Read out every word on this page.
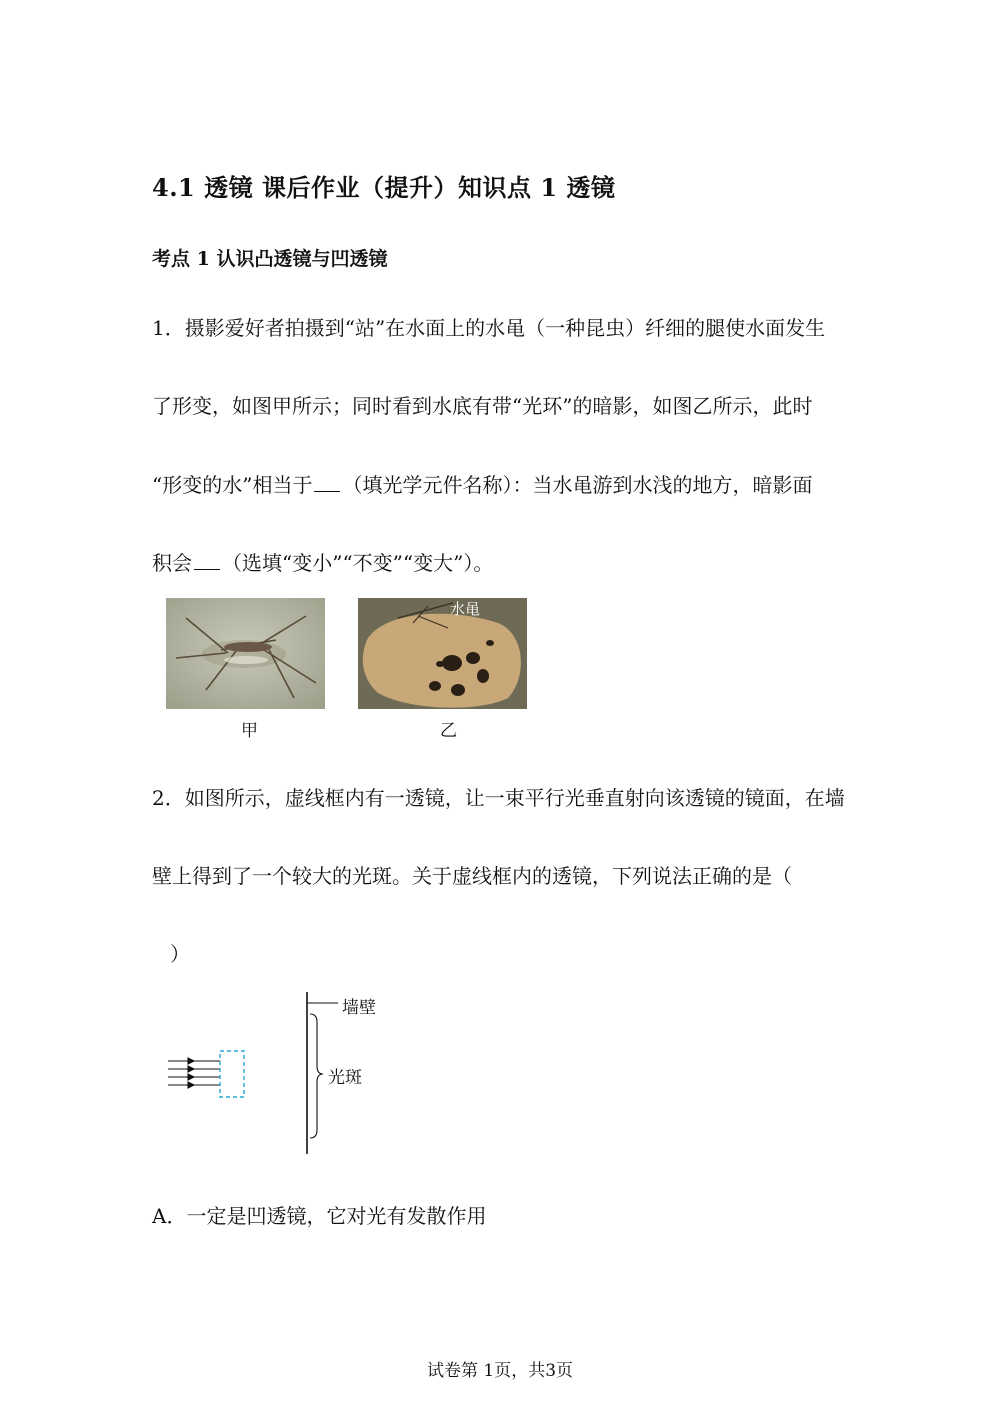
4.1 透镜 课后作业（提升）知识点 1 透镜
考点 1 认识凸透镜与凹透镜
1．摄影爱好者拍摄到“站”在水面上的水黾（一种昆虫）纤细的腿使水面发生
了形变，如图甲所示；同时看到水底有带“光环”的暗影，如图乙所示，此时
“形变的水”相当于 （填光学元件名称）：当水黾游到水浅的地方，暗影面
积会 （选填“变小”“不变”“变大”）。
甲
水黾
乙
2．如图所示，虚线框内有一透镜，让一束平行光垂直射向该透镜的镜面，在墙
壁上得到了一个较大的光斑。关于虚线框内的透镜，下列说法正确的是（
）
墙壁
光斑
A．一定是凹透镜，它对光有发散作用
试卷第 1页，共3页
